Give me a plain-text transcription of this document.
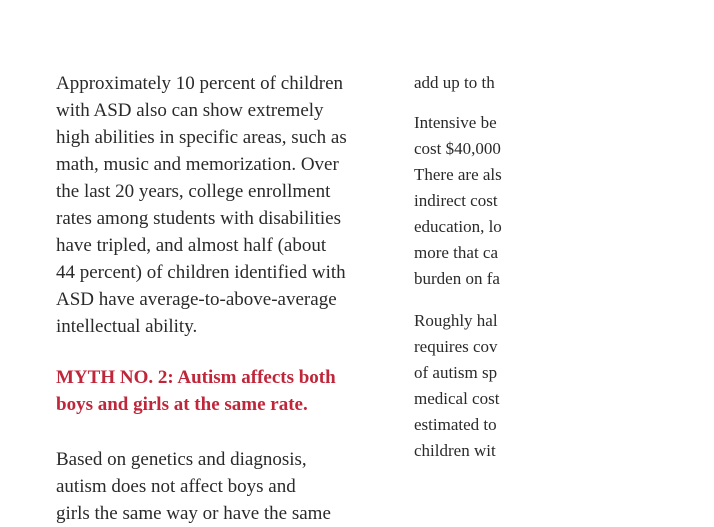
Approximately 10 percent of children
with ASD also can show extremely
high abilities in specific areas, such as
math, music and memorization. Over
the last 20 years, college enrollment
rates among students with disabilities
have tripled, and almost half (about
44 percent) of children identified with
ASD have average-to-above-average
intellectual ability.

MYTH NO. 2: Autism affects both
boys and girls at the same rate.

Based on genetics and diagnosis,
autism does not affect boys and
girls the same way or have the same

add up to th

Intensive be
cost $40,000
There are als
indirect cost
education, lo
more that ca
burden on fa

Roughly hal
requires cov
of autism sp
medical cost
estimated to
children wit
